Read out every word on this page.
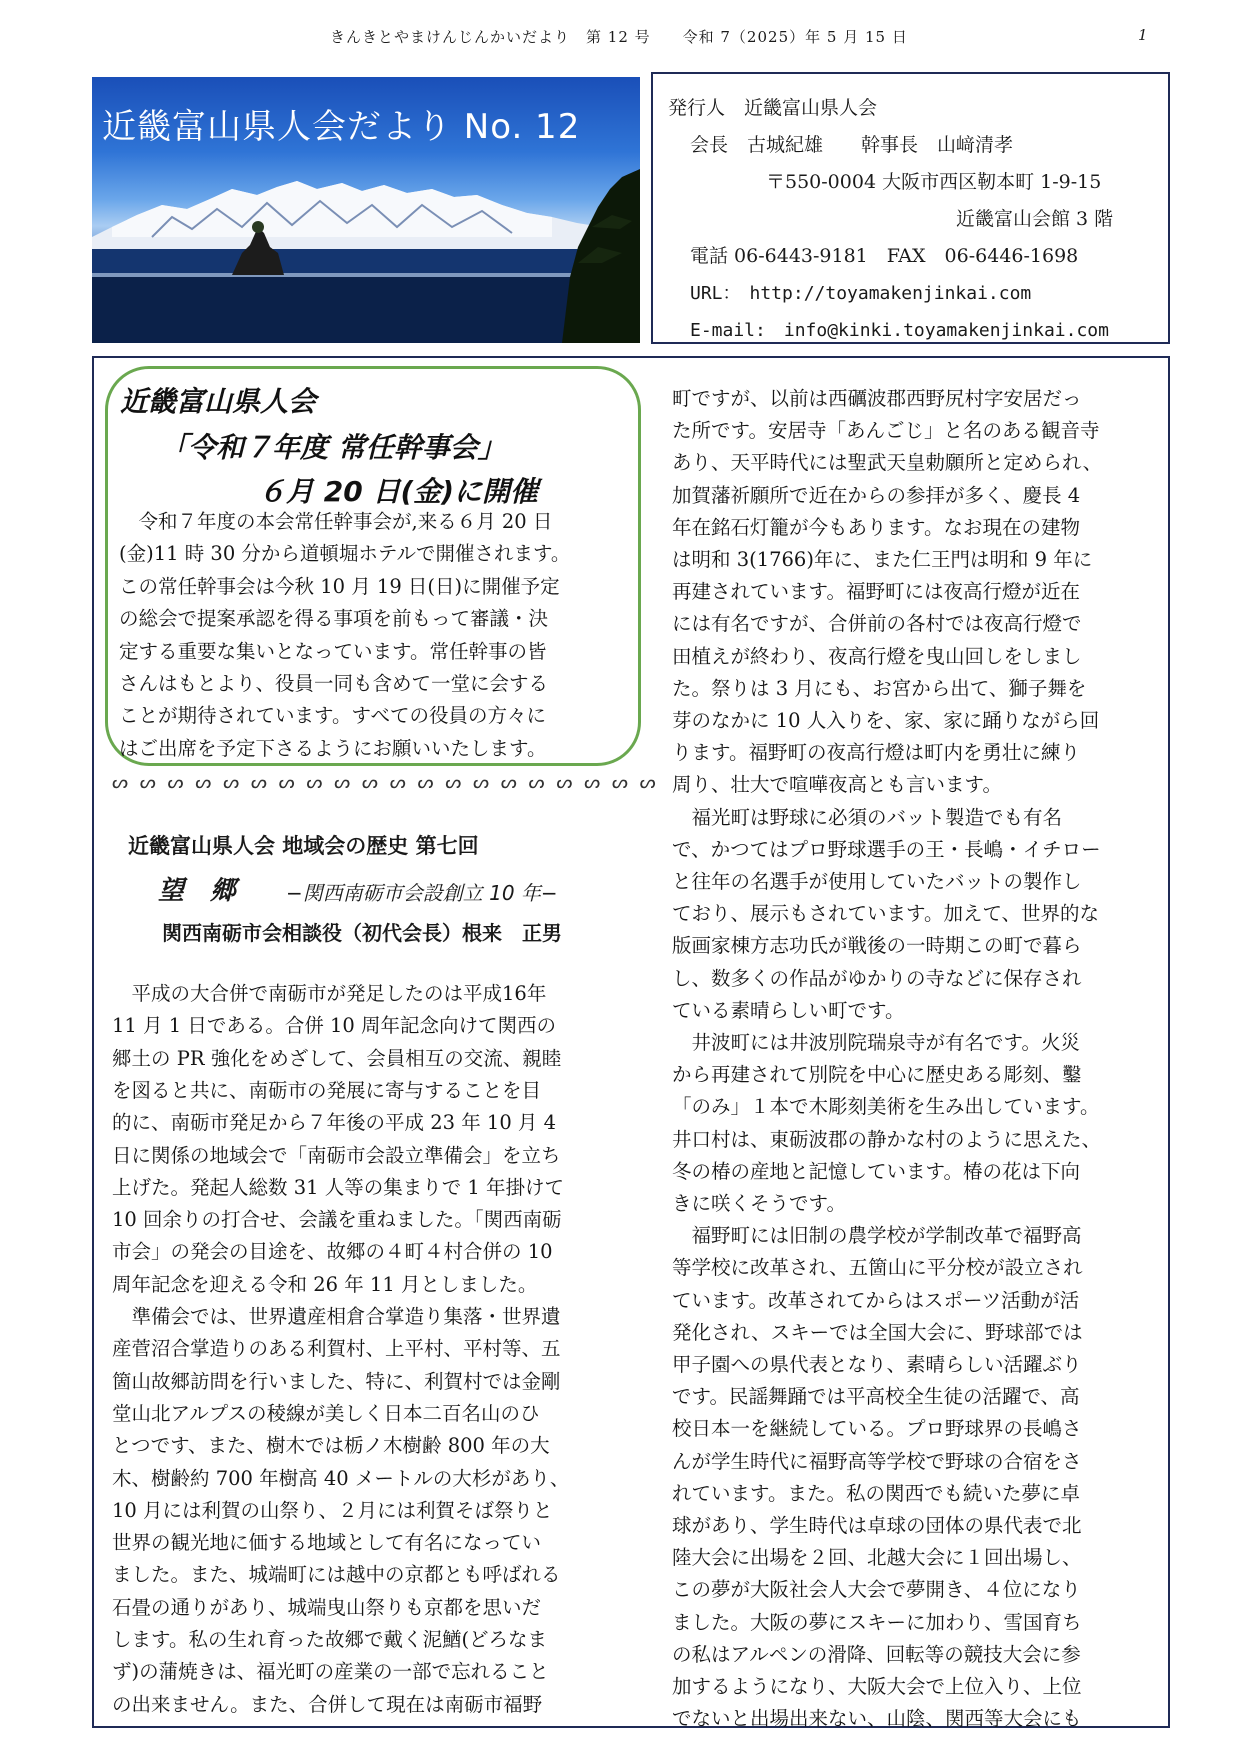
きんきとやまけんじんかいだより　第 12 号　　令和 7（2025）年 5 月 15 日	1
近畿富山県人会だより No. 12	発行人　近畿富山県人会
会長　古城紀雄　　幹事長　山﨑清孝
〒550-0004 大阪市西区靭本町 1-9-15
近畿富山会館 3 階
電話 06-6443-9181　FAX　06-6446-1698
URL：　http://toyamakenjinkai.com
E-mail:　info@kinki.toyamakenjinkai.com
近畿富山県人会
「令和７年度 常任幹事会」
６月 20 日(金)に開催
　令和７年度の本会常任幹事会が,来る６月 20 日
(金)11 時 30 分から道頓堀ホテルで開催されます。
この常任幹事会は今秋 10 月 19 日(日)に開催予定
の総会で提案承認を得る事項を前もって審議・決
定する重要な集いとなっています。常任幹事の皆
さんはもとより、役員一同も含めて一堂に会する
ことが期待されています。すべての役員の方々に
はご出席を予定下さるようにお願いいたします。
ᔕ ᔕ ᔕ ᔕ ᔕ ᔕ ᔕ ᔕ ᔕ ᔕ ᔕ ᔕ ᔕ ᔕ ᔕ ᔕ ᔕ ᔕ ᔕ ᔕ
近畿富山県人会 地域会の歴史 第七回
望　郷 −関西南砺市会設創立 10 年−
関西南砺市会相談役（初代会長）根来　正男
　平成の大合併で南砺市が発足したのは平成16年
11 月 1 日である。合併 10 周年記念向けて関西の
郷土の PR 強化をめざして、会員相互の交流、親睦
を図ると共に、南砺市の発展に寄与することを目
的に、南砺市発足から７年後の平成 23 年 10 月 4
日に関係の地域会で「南砺市会設立準備会」を立ち
上げた。発起人総数 31 人等の集まりで 1 年掛けて
10 回余りの打合せ、会議を重ねました。「関西南砺
市会」の発会の目途を、故郷の４町４村合併の 10
周年記念を迎える令和 26 年 11 月としました。
　準備会では、世界遺産相倉合掌造り集落・世界遺
産菅沼合掌造りのある利賀村、上平村、平村等、五
箇山故郷訪問を行いました、特に、利賀村では金剛
堂山北アルプスの稜線が美しく日本二百名山のひ
とつです、また、樹木では栃ノ木樹齢 800 年の大
木、樹齢約 700 年樹高 40 メートルの大杉があり、
10 月には利賀の山祭り、２月には利賀そば祭りと
世界の観光地に価する地域として有名になってい
ました。また、城端町には越中の京都とも呼ばれる
石畳の通りがあり、城端曳山祭りも京都を思いだ
します。私の生れ育った故郷で戴く泥鰌(どろなま
ず)の蒲焼きは、福光町の産業の一部で忘れること
の出来ません。また、合併して現在は南砺市福野
町ですが、以前は西礪波郡西野尻村字安居だっ
た所です。安居寺「あんごじ」と名のある観音寺
あり、天平時代には聖武天皇勅願所と定められ、
加賀藩祈願所で近在からの参拝が多く、慶長 4
年在銘石灯籠が今もあります。なお現在の建物
は明和 3(1766)年に、また仁王門は明和 9 年に
再建されています。福野町には夜高行燈が近在
には有名ですが、合併前の各村では夜高行燈で
田植えが終わり、夜高行燈を曳山回しをしまし
た。祭りは 3 月にも、お宮から出て、獅子舞を
芽のなかに 10 人入りを、家、家に踊りながら回
ります。福野町の夜高行燈は町内を勇壮に練り
周り、壮大で喧嘩夜高とも言います。
　福光町は野球に必須のバット製造でも有名
で、かつてはプロ野球選手の王・長嶋・イチロー
と往年の名選手が使用していたバットの製作し
ており、展示もされています。加えて、世界的な
版画家棟方志功氏が戦後の一時期この町で暮ら
し、数多くの作品がゆかりの寺などに保存され
ている素晴らしい町です。
　井波町には井波別院瑞泉寺が有名です。火災
から再建されて別院を中心に歴史ある彫刻、鑿
「のみ」１本で木彫刻美術を生み出しています。
井口村は、東砺波郡の静かな村のように思えた、
冬の椿の産地と記憶しています。椿の花は下向
きに咲くそうです。
　福野町には旧制の農学校が学制改革で福野高
等学校に改革され、五箇山に平分校が設立され
ています。改革されてからはスポーツ活動が活
発化され、スキーでは全国大会に、野球部では
甲子園への県代表となり、素晴らしい活躍ぶり
です。民謡舞踊では平高校全生徒の活躍で、高
校日本一を継続している。プロ野球界の長嶋さ
んが学生時代に福野高等学校で野球の合宿をさ
れています。また。私の関西でも続いた夢に卓
球があり、学生時代は卓球の団体の県代表で北
陸大会に出場を２回、北越大会に１回出場し、
この夢が大阪社会人大会で夢開き、４位になり
ました。大阪の夢にスキーに加わり、雪国育ち
の私はアルペンの滑降、回転等の競技大会に参
加するようになり、大阪大会で上位入り、上位
でないと出場出来ない、山陰、関西等大会にも
